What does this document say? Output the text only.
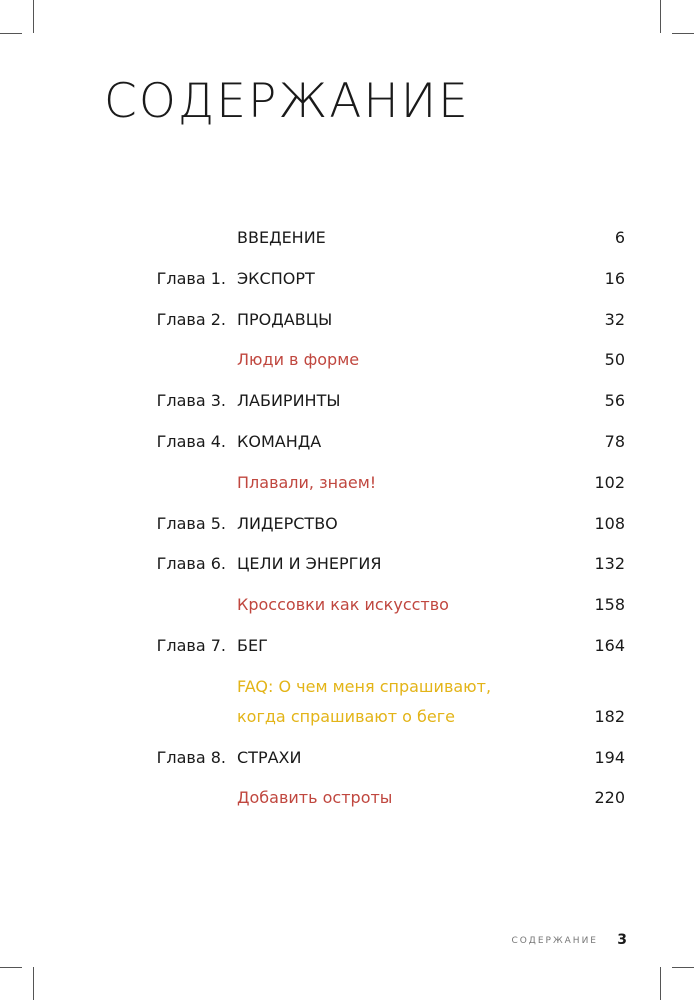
СОДЕРЖАНИЕ
ВВЕДЕНИЕ	6
Глава 1. ЭКСПОРТ	16
Глава 2. ПРОДАВЦЫ	32
Люди в форме	50
Глава 3. ЛАБИРИНТЫ	56
Глава 4. КОМАНДА	78
Плавали, знаем!	102
Глава 5. ЛИДЕРСТВО	108
Глава 6. ЦЕЛИ И ЭНЕРГИЯ	132
Кроссовки как искусство	158
Глава 7. БЕГ	164
FAQ: О чем меня спрашивают,
когда спрашивают о беге	182
Глава 8. СТРАХИ	194
Добавить остроты	220
СОДЕРЖАНИЕ 3
